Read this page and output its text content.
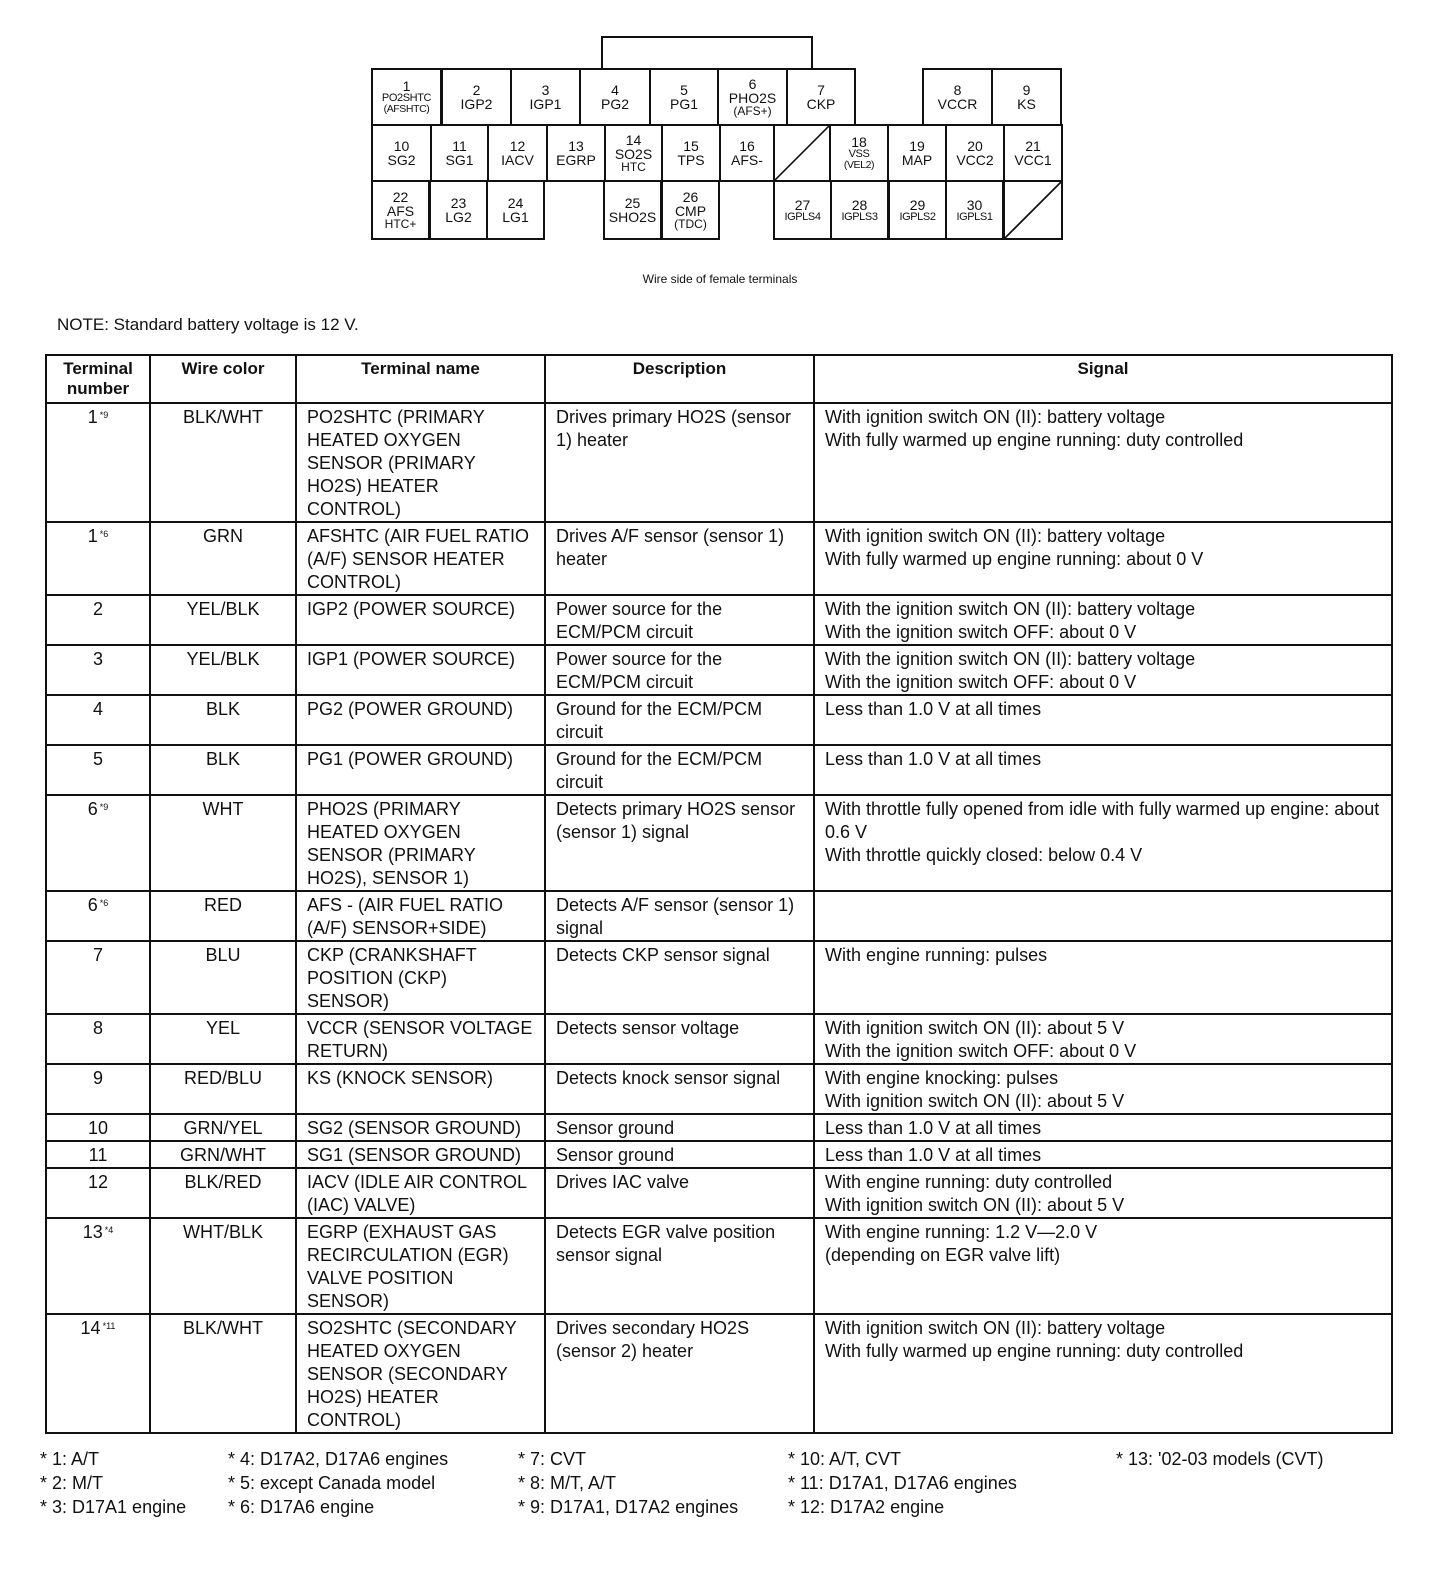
1
PO2SHTC
(AFSHTC)
2
IGP2
3
IGP1
4
PG2
5
PG1
6
PHO2S
(AFS+)
7
CKP
8
VCCR
9
KS
10
SG2
11
SG1
12
IACV
13
EGRP
14
SO2S
HTC
15
TPS
16
AFS-
18
VSS
(VEL2)
19
MAP
20
VCC2
21
VCC1
22
AFS
HTC+
23
LG2
24
LG1
25
SHO2S
26
CMP
(TDC)
27
IGPLS4
28
IGPLS3
29
IGPLS2
30
IGPLS1
Wire side of female terminals
NOTE: Standard battery voltage is 12 V.
Terminal number	Wire color	Terminal name	Description	Signal
1 $^{*9}$	BLK/WHT	PO2SHTC (PRIMARY HEATED OXYGEN SENSOR (PRIMARY HO2S) HEATER CONTROL)	Drives primary HO2S (sensor 1) heater	With ignition switch ON (II): battery voltage
With fully warmed up engine running: duty controlled

1 $^{*6}$	GRN	AFSHTC (AIR FUEL RATIO (A/F) SENSOR HEATER CONTROL)	Drives A/F sensor (sensor 1) heater	With ignition switch ON (II): battery voltage
With fully warmed up engine running: about 0 V

2	YEL/BLK	IGP2 (POWER SOURCE)	Power source for the ECM/PCM circuit	With the ignition switch ON (II): battery voltage
With the ignition switch OFF: about 0 V

3	YEL/BLK	IGP1 (POWER SOURCE)	Power source for the ECM/PCM circuit	With the ignition switch ON (II): battery voltage
With the ignition switch OFF: about 0 V

4	BLK	PG2 (POWER GROUND)	Ground for the ECM/PCM circuit	Less than 1.0 V at all times

5	BLK	PG1 (POWER GROUND)	Ground for the ECM/PCM circuit	Less than 1.0 V at all times

6 $^{*9}$	WHT	PHO2S (PRIMARY HEATED OXYGEN SENSOR (PRIMARY HO2S), SENSOR 1)	Detects primary HO2S sensor (sensor 1) signal	With throttle fully opened from idle with fully warmed up engine: about 0.6 V
With throttle quickly closed: below 0.4 V

6 $^{*6}$	RED	AFS - (AIR FUEL RATIO (A/F) SENSOR+SIDE)	Detects A/F sensor (sensor 1) signal	
7	BLU	CKP (CRANKSHAFT POSITION (CKP) SENSOR)	Detects CKP sensor signal	With engine running: pulses

8	YEL	VCCR (SENSOR VOLTAGE RETURN)	Detects sensor voltage	With ignition switch ON (II): about 5 V
With the ignition switch OFF: about 0 V

9	RED/BLU	KS (KNOCK SENSOR)	Detects knock sensor signal	With engine knocking: pulses
With ignition switch ON (II): about 5 V

10	GRN/YEL	SG2 (SENSOR GROUND)	Sensor ground	Less than 1.0 V at all times

11	GRN/WHT	SG1 (SENSOR GROUND)	Sensor ground	Less than 1.0 V at all times

12	BLK/RED	IACV (IDLE AIR CONTROL (IAC) VALVE)	Drives IAC valve	With engine running: duty controlled
With ignition switch ON (II): about 5 V

13 $^{*4}$	WHT/BLK	EGRP (EXHAUST GAS RECIRCULATION (EGR) VALVE POSITION SENSOR)	Detects EGR valve position sensor signal	With engine running: 1.2 V—2.0 V
(depending on EGR valve lift)

14 $^{*11}$	BLK/WHT	SO2SHTC (SECONDARY HEATED OXYGEN SENSOR (SECONDARY HO2S) HEATER CONTROL)	Drives secondary HO2S (sensor 2) heater	With ignition switch ON (II): battery voltage
With fully warmed up engine running: duty controlled
* 1: A/T
* 2: M/T
* 3: D17A1 engine
* 4: D17A2, D17A6 engines
* 5: except Canada model
* 6: D17A6 engine
* 7: CVT
* 8: M/T, A/T
* 9: D17A1, D17A2 engines
* 10: A/T, CVT
* 11: D17A1, D17A6 engines
* 12: D17A2 engine
* 13: '02-03 models (CVT)
